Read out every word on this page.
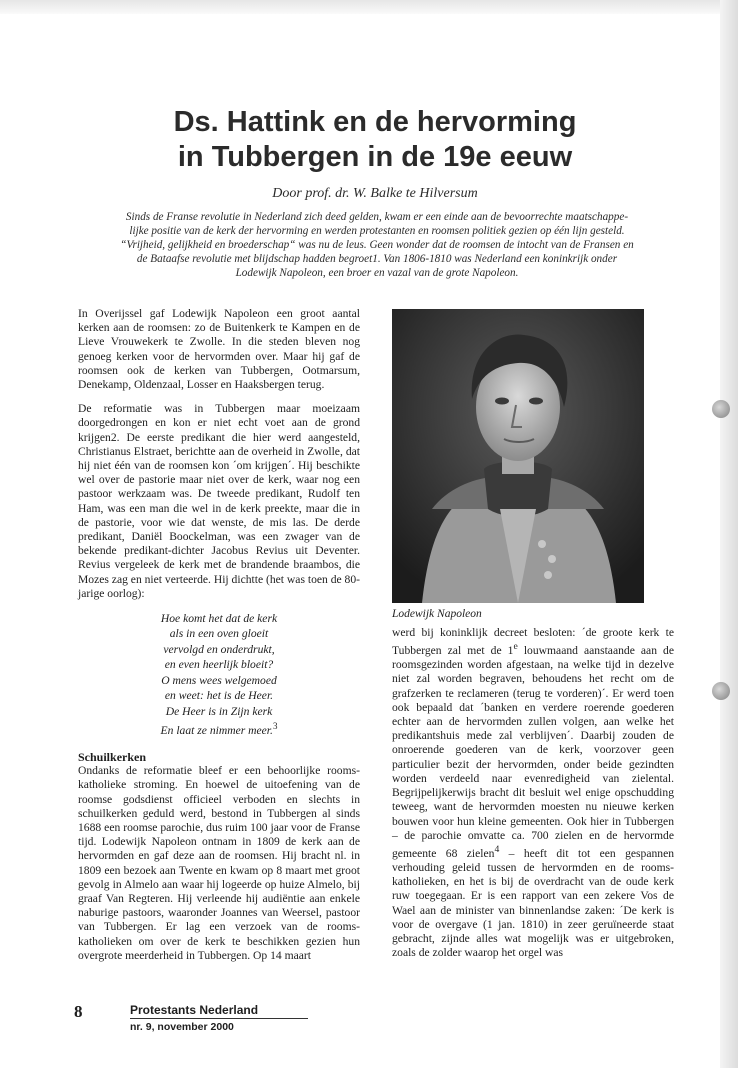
Ds. Hattink en de hervorming
in Tubbergen in de 19e eeuw
Door prof. dr. W. Balke te Hilversum
Sinds de Franse revolutie in Nederland zich deed gelden, kwam er een einde aan de bevoorrechte maatschappe-
lijke positie van de kerk der hervorming en werden protestanten en roomsen politiek gezien op één lijn gesteld.
“Vrijheid, gelijkheid en broederschap“ was nu de leus. Geen wonder dat de roomsen de intocht van de Fransen en
de Bataafse revolutie met blijdschap hadden begroet1. Van 1806-1810 was Nederland een koninkrijk onder
Lodewijk Napoleon, een broer en vazal van de grote Napoleon.

In Overijssel gaf Lodewijk Napoleon een groot aantal kerken aan de roomsen: zo de Buitenkerk te Kampen en de Lieve Vrouwekerk te Zwolle. In die steden bleven nog genoeg kerken voor de hervormden over. Maar hij gaf de roomsen ook de kerken van Tubbergen, Ootmarsum, Denekamp, Oldenzaal, Losser en Haaksbergen terug.

De reformatie was in Tubbergen maar moeizaam doorgedrongen en kon er niet echt voet aan de grond krijgen2. De eerste predikant die hier werd aangesteld, Christianus Elstraet, berichtte aan de overheid in Zwolle, dat hij niet één van de roomsen kon ´om krijgen´. Hij beschikte wel over de pastorie maar niet over de kerk, waar nog een pastoor werkzaam was. De tweede predikant, Rudolf ten Ham, was een man die wel in de kerk preekte, maar die in de pastorie, voor wie dat wenste, de mis las. De derde predikant, Daniël Boockelman, was een zwager van de bekende predikant-dichter Jacobus Revius uit Deventer. Revius vergeleek de kerk met de brandende braambos, die Mozes zag en niet verteerde. Hij dichtte (het was toen de 80-jarige oorlog):

Hoe komt het dat de kerk
als in een oven gloeit
vervolgd en onderdrukt,
en even heerlijk bloeit?
O mens wees welgemoed
en weet: het is de Heer.
De Heer is in Zijn kerk
En laat ze nimmer meer.$^3$
Schuilkerken

Ondanks de reformatie bleef er een behoorlijke rooms-katholieke stroming. En hoewel de uitoefening van de roomse godsdienst officieel verboden en slechts in schuilkerken geduld werd, bestond in Tubbergen al sinds 1688 een roomse parochie, dus ruim 100 jaar voor de Franse tijd. Lodewijk Napoleon ontnam in 1809 de kerk aan de hervormden en gaf deze aan de roomsen. Hij bracht nl. in 1809 een bezoek aan Twente en kwam op 8 maart met groot gevolg in Almelo aan waar hij logeerde op huize Almelo, bij graaf Van Regteren. Hij verleende hij audiëntie aan enkele naburige pastoors, waaronder Joannes van Weersel, pastoor van Tubbergen. Er lag een verzoek van de rooms-katholieken om over de kerk te beschikken gezien hun overgrote meerderheid in Tubbergen. Op 14 maart

Lodewijk Napoleon

werd bij koninklijk decreet besloten: ´de groote kerk te Tubbergen zal met de 1e louwmaand aanstaande aan de roomsgezinden worden afgestaan, na welke tijd in dezelve niet zal worden begraven, behoudens het recht om de grafzerken te reclameren (terug te vorderen)´. Er werd toen ook bepaald dat ´banken en verdere roerende goederen echter aan de hervormden zullen volgen, aan welke het predikantshuis mede zal verblijven´. Daarbij zouden de onroerende goederen van de kerk, voorzover geen particulier bezit der hervormden, onder beide gezindten worden verdeeld naar evenredigheid van zielental. Begrijpelijkerwijs bracht dit besluit wel enige opschudding teweeg, want de hervormden moesten nu nieuwe kerken bouwen voor hun kleine gemeenten. Ook hier in Tubbergen – de parochie omvatte ca. 700 zielen en de hervormde gemeente 68 zielen$^4$ – heeft dit tot een gespannen verhouding geleid tussen de hervormden en de rooms-katholieken, en het is bij de overdracht van de oude kerk ruw toegegaan. Er is een rapport van een zekere Vos de Wael aan de minister van binnenlandse zaken: ´De kerk is voor de overgave (1 jan. 1810) in zeer geruïneerde staat gebracht, zijnde alles wat mogelijk was er uitgebroken, zoals de zolder waarop het orgel was

8	Protestants Nederland
nr. 9, november 2000
